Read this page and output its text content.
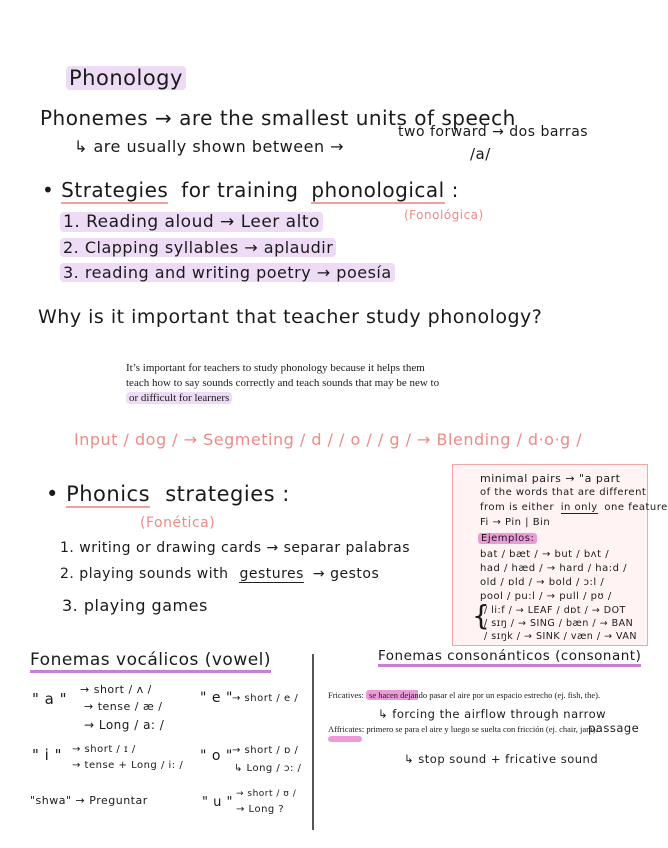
Phonology
Phonemes → are the smallest units of speech
↳ are usually shown between →
two forward → dos barras
/a/
• Strategies for training phonological :
(Fonológica)
1. Reading aloud → Leer alto
2. Clapping syllables → aplaudir
3. reading and writing poetry → poesía
Why is it important that teacher study phonology?
It’s important for teachers to study phonology because it helps them
teach how to say sounds correctly and teach sounds that may be new to
or difficult for learners
Input / dog / → Segmeting / d / / o / / g / → Blending / d·o·g /
• Phonics strategies :
(Fonética)
1. writing or drawing cards → separar palabras
2. playing sounds with gestures → gestos
3. playing games
minimal pairs → "a part
of the words that are different
from is either in only one feature
Fi → Pin | Bin
Ejemplos:
bat / bæt / → but / bʌt /
had / hæd / → hard / ha:d /
old / ɒld / → bold / ɔ:l /
pool / pu:l / → pull / pʊ /
/ li:f / → LEAF / dɒt / → DOT
/ sɪŋ / → SING / bæn / → BAN
/ sɪŋk / → SINK / væn / → VAN
{
Fonemas vocálicos (vowel)
" a "
→ short / ʌ /
→ tense / æ /
→ Long / a: /
" e " → short / e /
" i " → short / ɪ /
→ tense + Long / i: /
" o " → short / ɒ /
↳ Long / ɔ: /
"shwa" → Preguntar	" u "
→ short / ʊ /
→ Long ?
Fonemas consonánticos (consonant)
Fricatives: se hacen dejando pasar el aire por un espacio estrecho (ej. fish, the).
↳ forcing the airflow through narrow
Affricates: primero se para el aire y luego se suelta con fricción (ej. chair, jam).
passage
↳ stop sound + fricative sound
